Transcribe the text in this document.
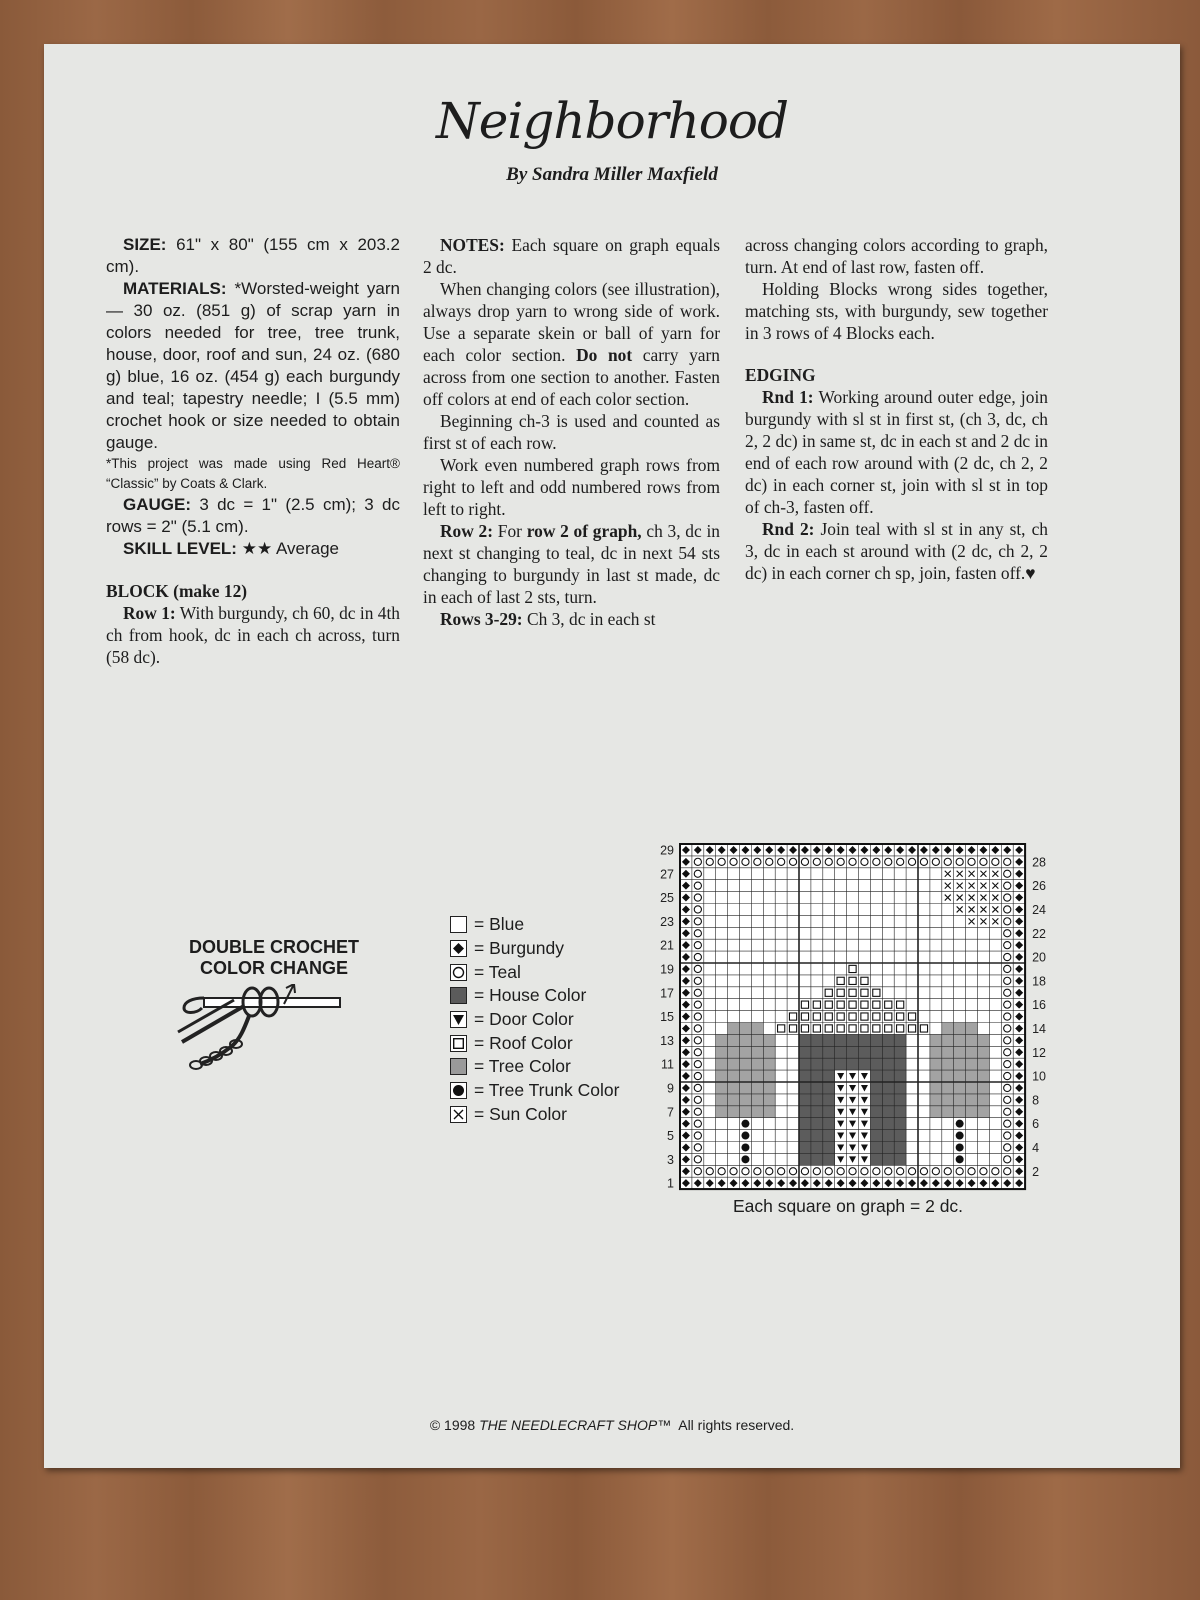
Neighborhood
By Sandra Miller Maxfield

SIZE: 61" x 80" (155 cm x 203.2 cm).

MATERIALS: *Worsted-weight yarn — 30 oz. (851 g) of scrap yarn in colors needed for tree, tree trunk, house, door, roof and sun, 24 oz. (680 g) blue, 16 oz. (454 g) each burgundy and teal; tapestry needle; I (5.5 mm) crochet hook or size needed to obtain gauge.

*This project was made using Red Heart® “Classic” by Coats & Clark.

GAUGE: 3 dc = 1" (2.5 cm); 3 dc rows = 2" (5.1 cm).

SKILL LEVEL: ★★ Average

BLOCK (make 12)

Row 1: With burgundy, ch 60, dc in 4th ch from hook, dc in each ch across, turn (58 dc).

NOTES: Each square on graph equals 2 dc.

When changing colors (see illustration), always drop yarn to wrong side of work. Use a separate skein or ball of yarn for each color section. Do not carry yarn across from one section to another. Fasten off colors at end of each color section.

Beginning ch-3 is used and counted as first st of each row.

Work even numbered graph rows from right to left and odd numbered rows from left to right.

Row 2: For row 2 of graph, ch 3, dc in next st changing to teal, dc in next 54 sts changing to burgundy in last st made, dc in each of last 2 sts, turn.

Rows 3-29: Ch 3, dc in each st

across changing colors according to graph, turn. At end of last row, fasten off.

Holding Blocks wrong sides together, matching sts, with burgundy, sew together in 3 rows of 4 Blocks each.

EDGING

Rnd 1: Working around outer edge, join burgundy with sl st in first st, (ch 3, dc, ch 2, 2 dc) in same st, dc in each st and 2 dc in end of each row around with (2 dc, ch 2, 2 dc) in each corner st, join with sl st in top of ch-3, fasten off.

Rnd 2: Join teal with sl st in any st, ch 3, dc in each st around with (2 dc, ch 2, 2 dc) in each corner ch sp, join, fasten off.♥

DOUBLE CROCHET
COLOR CHANGE
= Blue
= Burgundy
= Teal
= House Color
= Door Color
= Roof Color
= Tree Color
= Tree Trunk Color
= Sun Color
29
27
25
23
21
19
17
15
13
11
9
7
5
3
1
28
26
24
22
20
18
16
14
12
10
8
6
4
2
Each square on graph = 2 dc.
© 1998 THE NEEDLECRAFT SHOP™ All rights reserved.
